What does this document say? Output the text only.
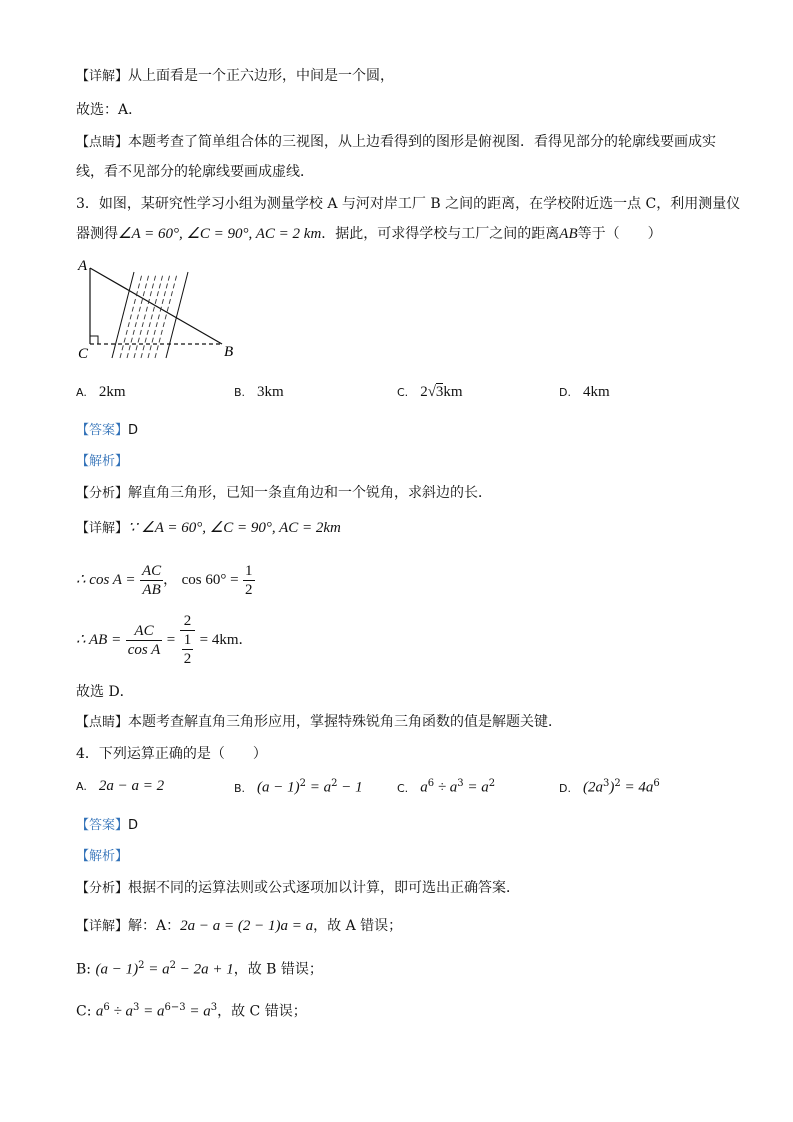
【详解】从上面看是一个正六边形，中间是一个圆，
故选：A．
【点睛】本题考查了简单组合体的三视图，从上边看得到的图形是俯视图．看得见部分的轮廓线要画成实
线，看不见部分的轮廓线要画成虚线．
3．如图，某研究性学习小组为测量学校 A 与河对岸工厂 B 之间的距离，在学校附近选一点 C，利用测量仪
器测得∠A = 60°, ∠C = 90°, AC = 2 km．据此，可求得学校与工厂之间的距离AB等于（　　）
A
C	B
A. 2km	B. 3km	C. 2√3km	D. 4km
【答案】D
【解析】
【分析】解直角三角形，已知一条直角边和一个锐角，求斜边的长．
【详解】∵ ∠A = 60°, ∠C = 90°, AC = 2km
∴ $\cos A = \frac{AC}{AB}$ ， $\cos 60^\circ = \frac{1}{2}$
∴ AB = $\frac{AC}{\text{cos A}} = \frac{2}{\frac{1}{2}} = 4km$．
故选 D．
【点睛】本题考查解直角三角形应用，掌握特殊锐角三角函数的值是解题关键．
4．下列运算正确的是（　　）
A. 2a − a = 2	B. $(a - 1)^2 = a^2 - 1$	C. $a^6 \div a^3 = a^2$	D. $(2a^3)^2 = 4a^6$
【答案】D
【解析】
【分析】根据不同的运算法则或公式逐项加以计算，即可选出正确答案．
【详解】解：A：2a − a = (2 − 1)a = a，故 A 错误；
B: $(a - 1)^2 = a^2 - 2a + 1$，故 B 错误；
C: $a^6 \div a^3 = a^{6-3} = a^3$，故 C 错误；
